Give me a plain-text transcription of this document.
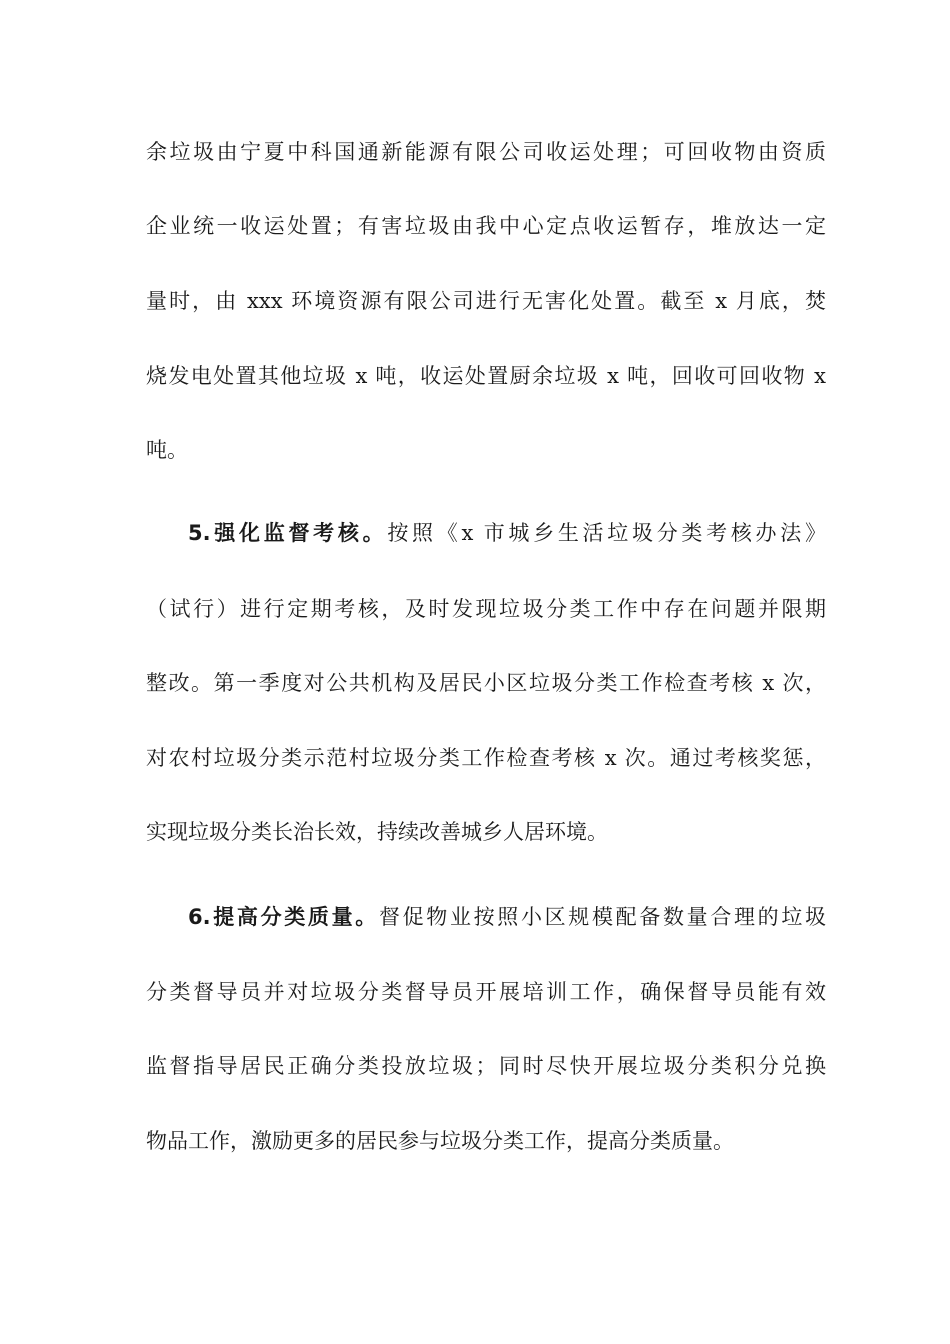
余垃圾由宁夏中科国通新能源有限公司收运处理；可回收物由资质
企业统一收运处置；有害垃圾由我中心定点收运暂存，堆放达一定
量时，由 xxx 环境资源有限公司进行无害化处置。截至 x 月底，焚
烧发电处置其他垃圾 x 吨，收运处置厨余垃圾 x 吨，回收可回收物 x
吨。
5.强化监督考核。按照《x 市城乡生活垃圾分类考核办法》
（试行）进行定期考核，及时发现垃圾分类工作中存在问题并限期
整改。第一季度对公共机构及居民小区垃圾分类工作检查考核 x 次，
对农村垃圾分类示范村垃圾分类工作检查考核 x 次。通过考核奖惩，
实现垃圾分类长治长效，持续改善城乡人居环境。
6.提高分类质量。督促物业按照小区规模配备数量合理的垃圾
分类督导员并对垃圾分类督导员开展培训工作，确保督导员能有效
监督指导居民正确分类投放垃圾；同时尽快开展垃圾分类积分兑换
物品工作，激励更多的居民参与垃圾分类工作，提高分类质量。
